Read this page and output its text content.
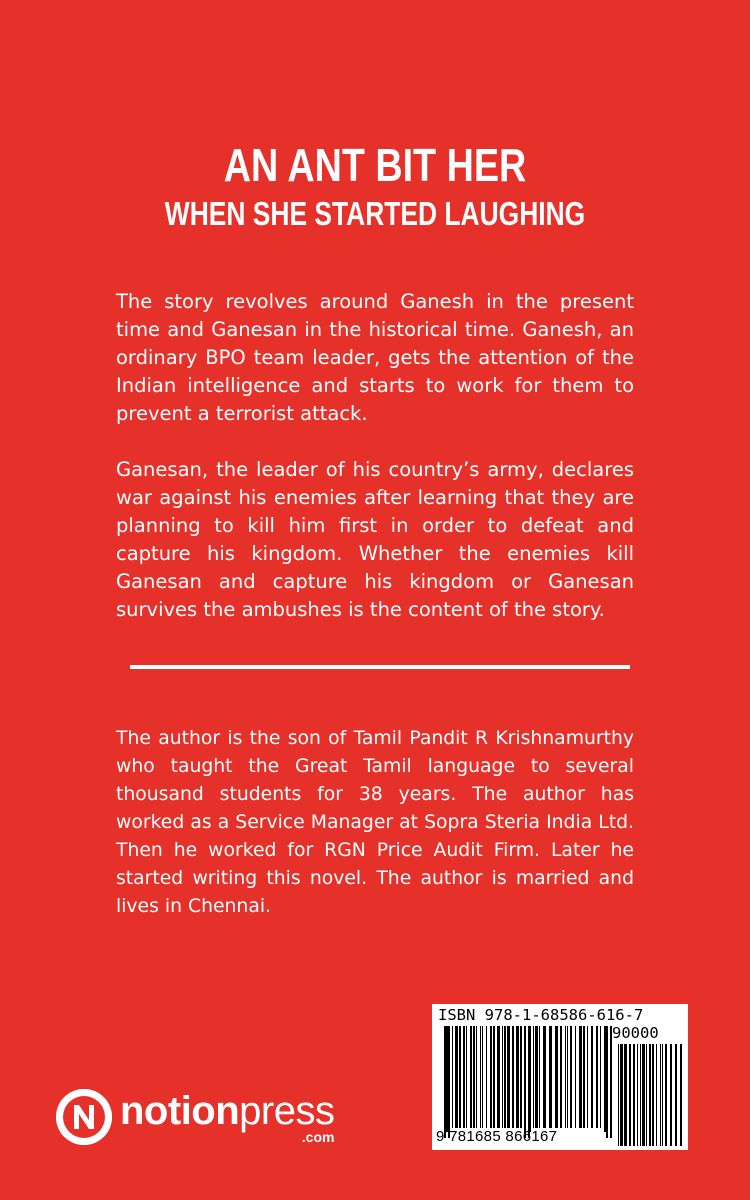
AN ANT BIT HER
WHEN SHE STARTED LAUGHING

The story revolves around Ganesh in the present time and Ganesan in the historical time. Ganesh, an ordinary BPO team leader, gets the attention of the Indian intelligence and starts to work for them to prevent a terrorist attack.

Ganesan, the leader of his country’s army, declares war against his enemies after learning that they are planning to kill him first in order to defeat and capture his kingdom. Whether the enemies kill Ganesan and capture his kingdom or Ganesan survives the ambushes is the content of the story.

The author is the son of Tamil Pandit R Krishnamurthy who taught the Great Tamil language to several thousand students for 38 years. The author has worked as a Service Manager at Sopra Steria India Ltd. Then he worked for RGN Price Audit Firm. Later he started writing this novel. The author is married and lives in Chennai.

notionpress
.com
ISBN 978-1-68586-616-7
90000
9 781685 866167
